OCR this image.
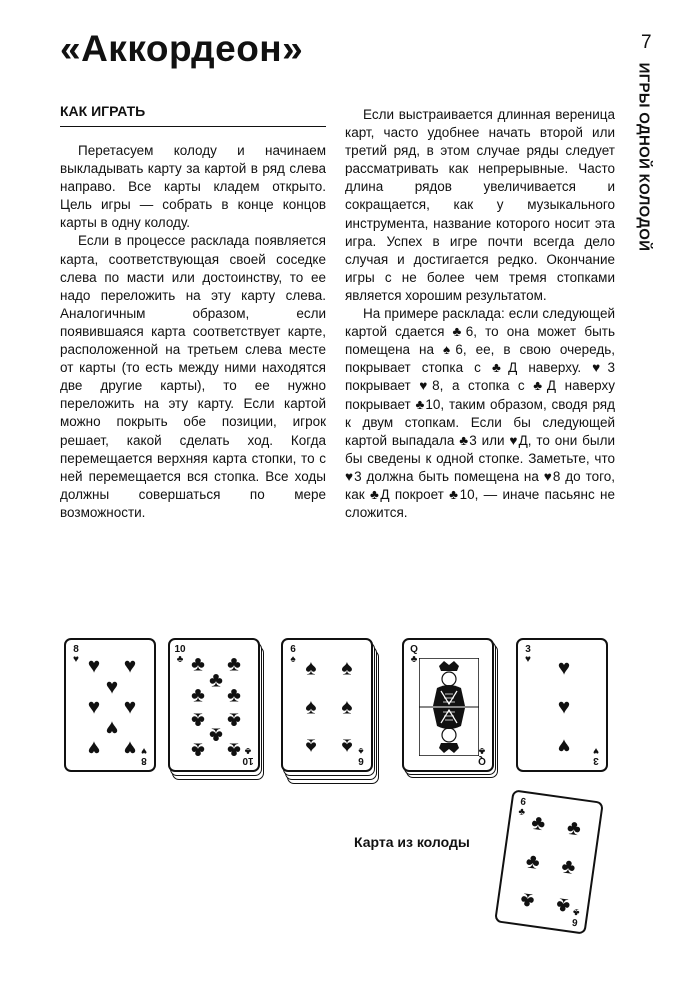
«Аккордеон»	7
ИГРЫ ОДНОЙ КОЛОДОЙ
КАК ИГРАТЬ

Перетасуем колоду и начинаем выкладывать карту за картой в ряд слева направо. Все карты кладем открыто. Цель игры — собрать в конце концов карты в одну колоду.

Если в процессе расклада появляется карта, соответствующая своей соседке слева по масти или достоинству, то ее надо переложить на эту карту слева. Аналогичным образом, если появившаяся карта соответствует карте, расположенной на третьем слева месте от карты (то есть между ними находятся две другие карты), то ее нужно переложить на эту карту. Если картой можно покрыть обе позиции, игрок решает, какой сделать ход. Когда перемещается верхняя карта стопки, то с ней перемещается вся стопка. Все ходы должны совершаться по мере возможности.

Если выстраивается длинная вереница карт, часто удобнее начать второй или третий ряд, в этом случае ряды следует рассматривать как непрерывные. Часто длина рядов увеличивается и сокращается, как у музыкального инструмента, название которого носит эта игра. Успех в игре почти всегда дело случая и достигается редко. Окончание игры с не более чем тремя стопками является хорошим результатом.

На примере расклада: если следующей картой сдается ♣6, то она может быть помещена на ♠6, ее, в свою очередь, покрывает стопка с ♣Д наверху. ♥3 покрывает ♥8, а стопка с ♣Д наверху покрывает ♣10, таким образом, сводя ряд к двум стопкам. Если бы следующей картой выпадала ♣3 или ♥Д, то они были бы сведены к одной стопке. Заметьте, что ♥3 должна быть помещена на ♥8 до того, как ♣Д покроет ♣10, — иначе пасьянс не сложится.

8
♥
8
♥
♥ ♥
♥
♥ ♥
♥
♥ ♥
10
♣
10
♣
♣ ♣
♣
♣ ♣
♣ ♣
♣
♣ ♣
6
♠
6
♠
♠ ♠
♠ ♠
♠ ♠
Q
♣
Q
♣
3
♥
3
♥
♥
♥
♥
6
♣
6
♣
♣ ♣
♣ ♣
♣ ♣

Карта из колоды
